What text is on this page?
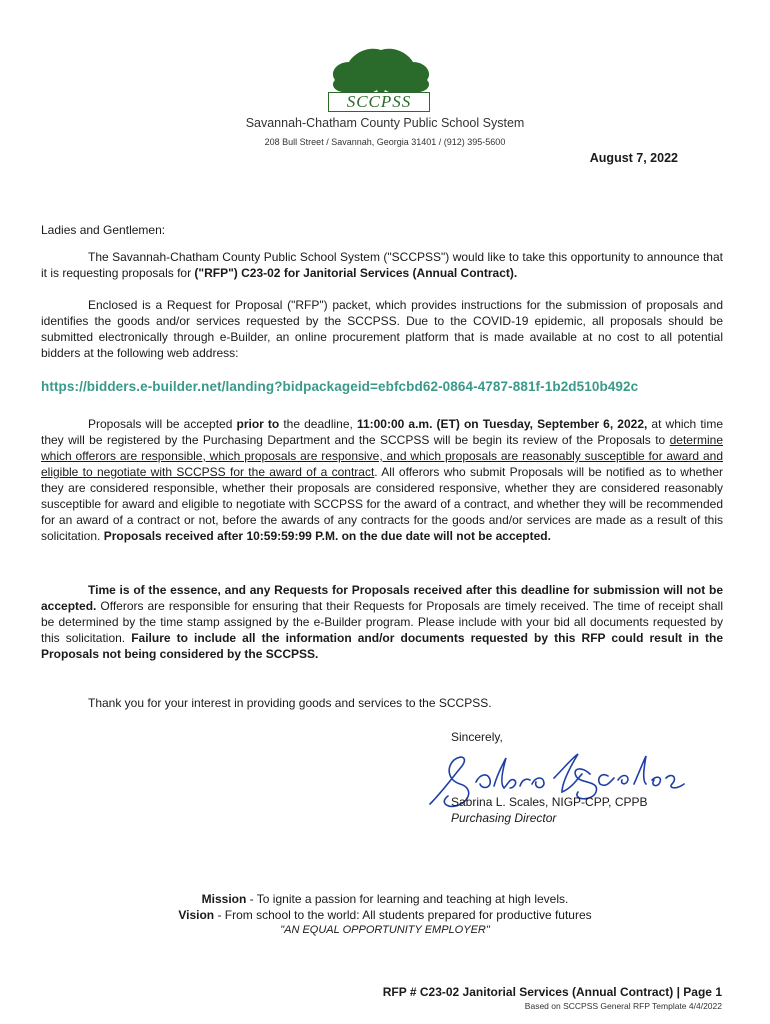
SCCPSS
Savannah-Chatham County Public School System
208 Bull Street / Savannah, Georgia 31401 / (912) 395-5600
August 7, 2022
Ladies and Gentlemen:
The Savannah-Chatham County Public School System ("SCCPSS") would like to take this opportunity to announce that it is requesting proposals for ("RFP") C23-02 for Janitorial Services (Annual Contract).
Enclosed is a Request for Proposal ("RFP") packet, which provides instructions for the submission of proposals and identifies the goods and/or services requested by the SCCPSS. Due to the COVID-19 epidemic, all proposals should be submitted electronically through e-Builder, an online procurement platform that is made available at no cost to all potential bidders at the following web address:
https://bidders.e-builder.net/landing?bidpackageid=ebfcbd62-0864-4787-881f-1b2d510b492c
Proposals will be accepted prior to the deadline, 11:00:00 a.m. (ET) on Tuesday, September 6, 2022, at which time they will be registered by the Purchasing Department and the SCCPSS will be begin its review of the Proposals to determine which offerors are responsible, which proposals are responsive, and which proposals are reasonably susceptible for award and eligible to negotiate with SCCPSS for the award of a contract. All offerors who submit Proposals will be notified as to whether they are considered responsible, whether their proposals are considered responsive, whether they are considered reasonably susceptible for award and eligible to negotiate with SCCPSS for the award of a contract, and whether they will be recommended for an award of a contract or not, before the awards of any contracts for the goods and/or services are made as a result of this solicitation. Proposals received after 10:59:59:99 P.M. on the due date will not be accepted.
Time is of the essence, and any Requests for Proposals received after this deadline for submission will not be accepted. Offerors are responsible for ensuring that their Requests for Proposals are timely received. The time of receipt shall be determined by the time stamp assigned by the e-Builder program. Please include with your bid all documents requested by this solicitation. Failure to include all the information and/or documents requested by this RFP could result in the Proposals not being considered by the SCCPSS.
Thank you for your interest in providing goods and services to the SCCPSS.
Sincerely,
Sabrina L. Scales, NIGP-CPP, CPPB
Purchasing Director
Mission - To ignite a passion for learning and teaching at high levels.
Vision - From school to the world: All students prepared for productive futures
"AN EQUAL OPPORTUNITY EMPLOYER"
RFP # C23-02 Janitorial Services (Annual Contract) | Page 1
Based on SCCPSS General RFP Template 4/4/2022
